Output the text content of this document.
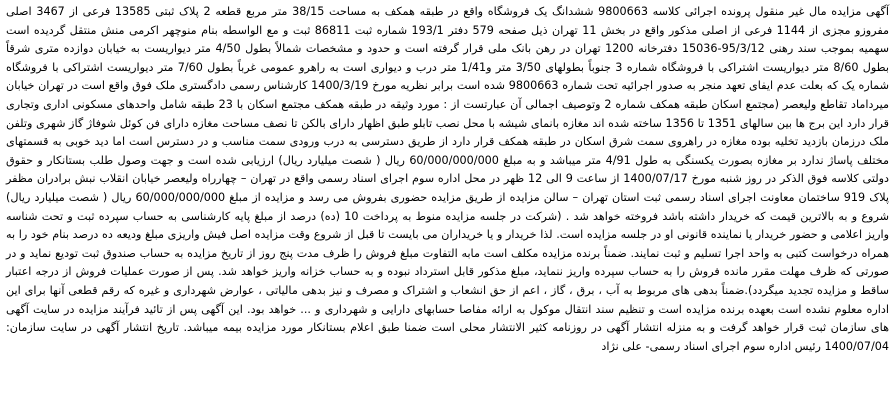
آگهی مزایده مال غیر منقول پرونده اجرائی کلاسه 9800663 ششدانگ یک فروشگاه واقع در طبقه همکف به مساحت 38/15 متر مربع قطعه 2 پلاک ثبتی 13585 فرعی از 3467 اصلی مفروزو مجزی از 1144 فرعی از اصلی مذکور واقع در بخش 11 تهران ذیل صفحه 579 دفتر 193/1 شماره ثبت 86811 ثبت و مع الواسطه بنام منوچهر اکرمی منش منتقل گردیده است سهمیه بموجب سند رهنی 95/3/12-15036 دفترخانه 1200 تهران در رهن بانک ملی قرار گرفته است و حدود و مشخصات شمالاً بطول 4/50 متر دیواریست به خیابان دوازده متری شرقاً بطول 8/60 متر دیواریست اشتراکی با فروشگاه شماره 3 جنوباً بطولهای 3/50 متر و1/41 متر درب و دیواری است به راهرو عمومی غرباً بطول 7/60 متر دیواریست اشتراکی با فروشگاه شماره یک که بعلت عدم ایفای تعهد منجر به صدور اجرائیه تحت شماره 9800663 شده است برابر نظریه مورخ 1400/3/19 کارشناس رسمی دادگستری ملک فوق واقع است در تهران خیابان میرداماد تقاطع ولیعصر (مجتمع اسکان طبقه همکف شماره 2 وتوصیف اجمالی آن عبارتست از : مورد وثیقه در طبقه همکف مجتمع اسکان با 23 طبقه شامل واحدهای مسکونی اداری وتجاری قرار دارد این برج ها بین سالهای 1351 تا 1356 ساخته شده اند مغازه بانمای شیشه با محل نصب تابلو طبق اظهار دارای بالکن تا نصف مساحت مغازه دارای فن کوئل شوفاژ گاز شهری وتلفن ملک درزمان بازدید تخلیه بوده مغازه در راهروی سمت شرق اسکان در طبقه همکف قرار دارد از طریق دسترسی به درب ورودی سمت مناسب و در دسترس است اما دید خوبی به قسمتهای مختلف پاساژ ندارد بر مغازه بصورت یکسنگی به طول 4/91 متر میباشد و به مبلغ 60/000/000/000 ریال ( شصت میلیارد ریال) ارزیابی شده است و جهت وصول طلب بستانکار و حقوق دولتی کلاسه فوق الذکر در روز شنبه مورخ 1400/07/17 از ساعت 9 الی 12 ظهر در محل اداره سوم اجرای اسناد رسمی واقع در تهران – چهارراه ولیعصر خیابان انقلاب نبش برادران مظفر پلاک 919 ساختمان معاونت اجرای اسناد رسمی ثبت استان تهران – سالن مزایده از طریق مزایده حضوری بفروش می رسد و مزایده از مبلغ 60/000/000/000 ریال ( شصت میلیارد ریال) شروع و به بالاترین قیمت که خریدار داشته باشد فروخته خواهد شد . (شرکت در جلسه مزایده منوط به پرداخت 10 (ده) درصد از مبلغ پایه کارشناسی به حساب سپرده ثبت و تحت شناسه واریز اعلامی و حضور خریدار یا نماینده قانونی او در جلسه مزایده است. لذا خریدار و یا خریداران می بایست تا قبل از شروع وقت مزایده اصل فیش واریزی مبلغ ودیعه ده درصد بنام خود را به همراه درخواست کتبی به واحد اجرا تسلیم و ثبت نمایند. ضمناً برنده مزایده مکلف است مابه التفاوت مبلغ فروش را ظرف مدت پنج روز از تاریخ مزایده به حساب صندوق ثبت تودیع نماید و در صورتی که ظرف مهلت مقرر مانده فروش را به حساب سپرده واریز ننماید، مبلغ مذکور قابل استرداد نبوده و به حساب خزانه واریز خواهد شد. پس از صورت عملیات فروش از درجه اعتبار ساقط و مزایده تجدید میگردد).ضمناً بدهی های مربوط به آب ، برق ، گاز ، اعم از حق انشعاب و اشتراک و مصرف و نیز بدهی مالیاتی ، عوارض شهرداری و غیره که رقم قطعی آنها برای این اداره معلوم نشده است بعهده برنده مزایده است و تنظیم سند انتقال موکول به ارائه مفاصا حسابهای دارایی و شهرداری و ... خواهد بود. این آگهی پس از تائید فرآیند مزایده در سایت آگهی های سازمان ثبت قرار خواهد گرفت و به منزله انتشار آگهی در روزنامه کثیر الانتشار محلی است ضمنا طبق اعلام بستانکار مورد مزایده بیمه میباشد. تاریخ انتشار آگهی در سایت سازمان: 1400/07/04 رئیس اداره سوم اجرای اسناد رسمی- علی نژاد
